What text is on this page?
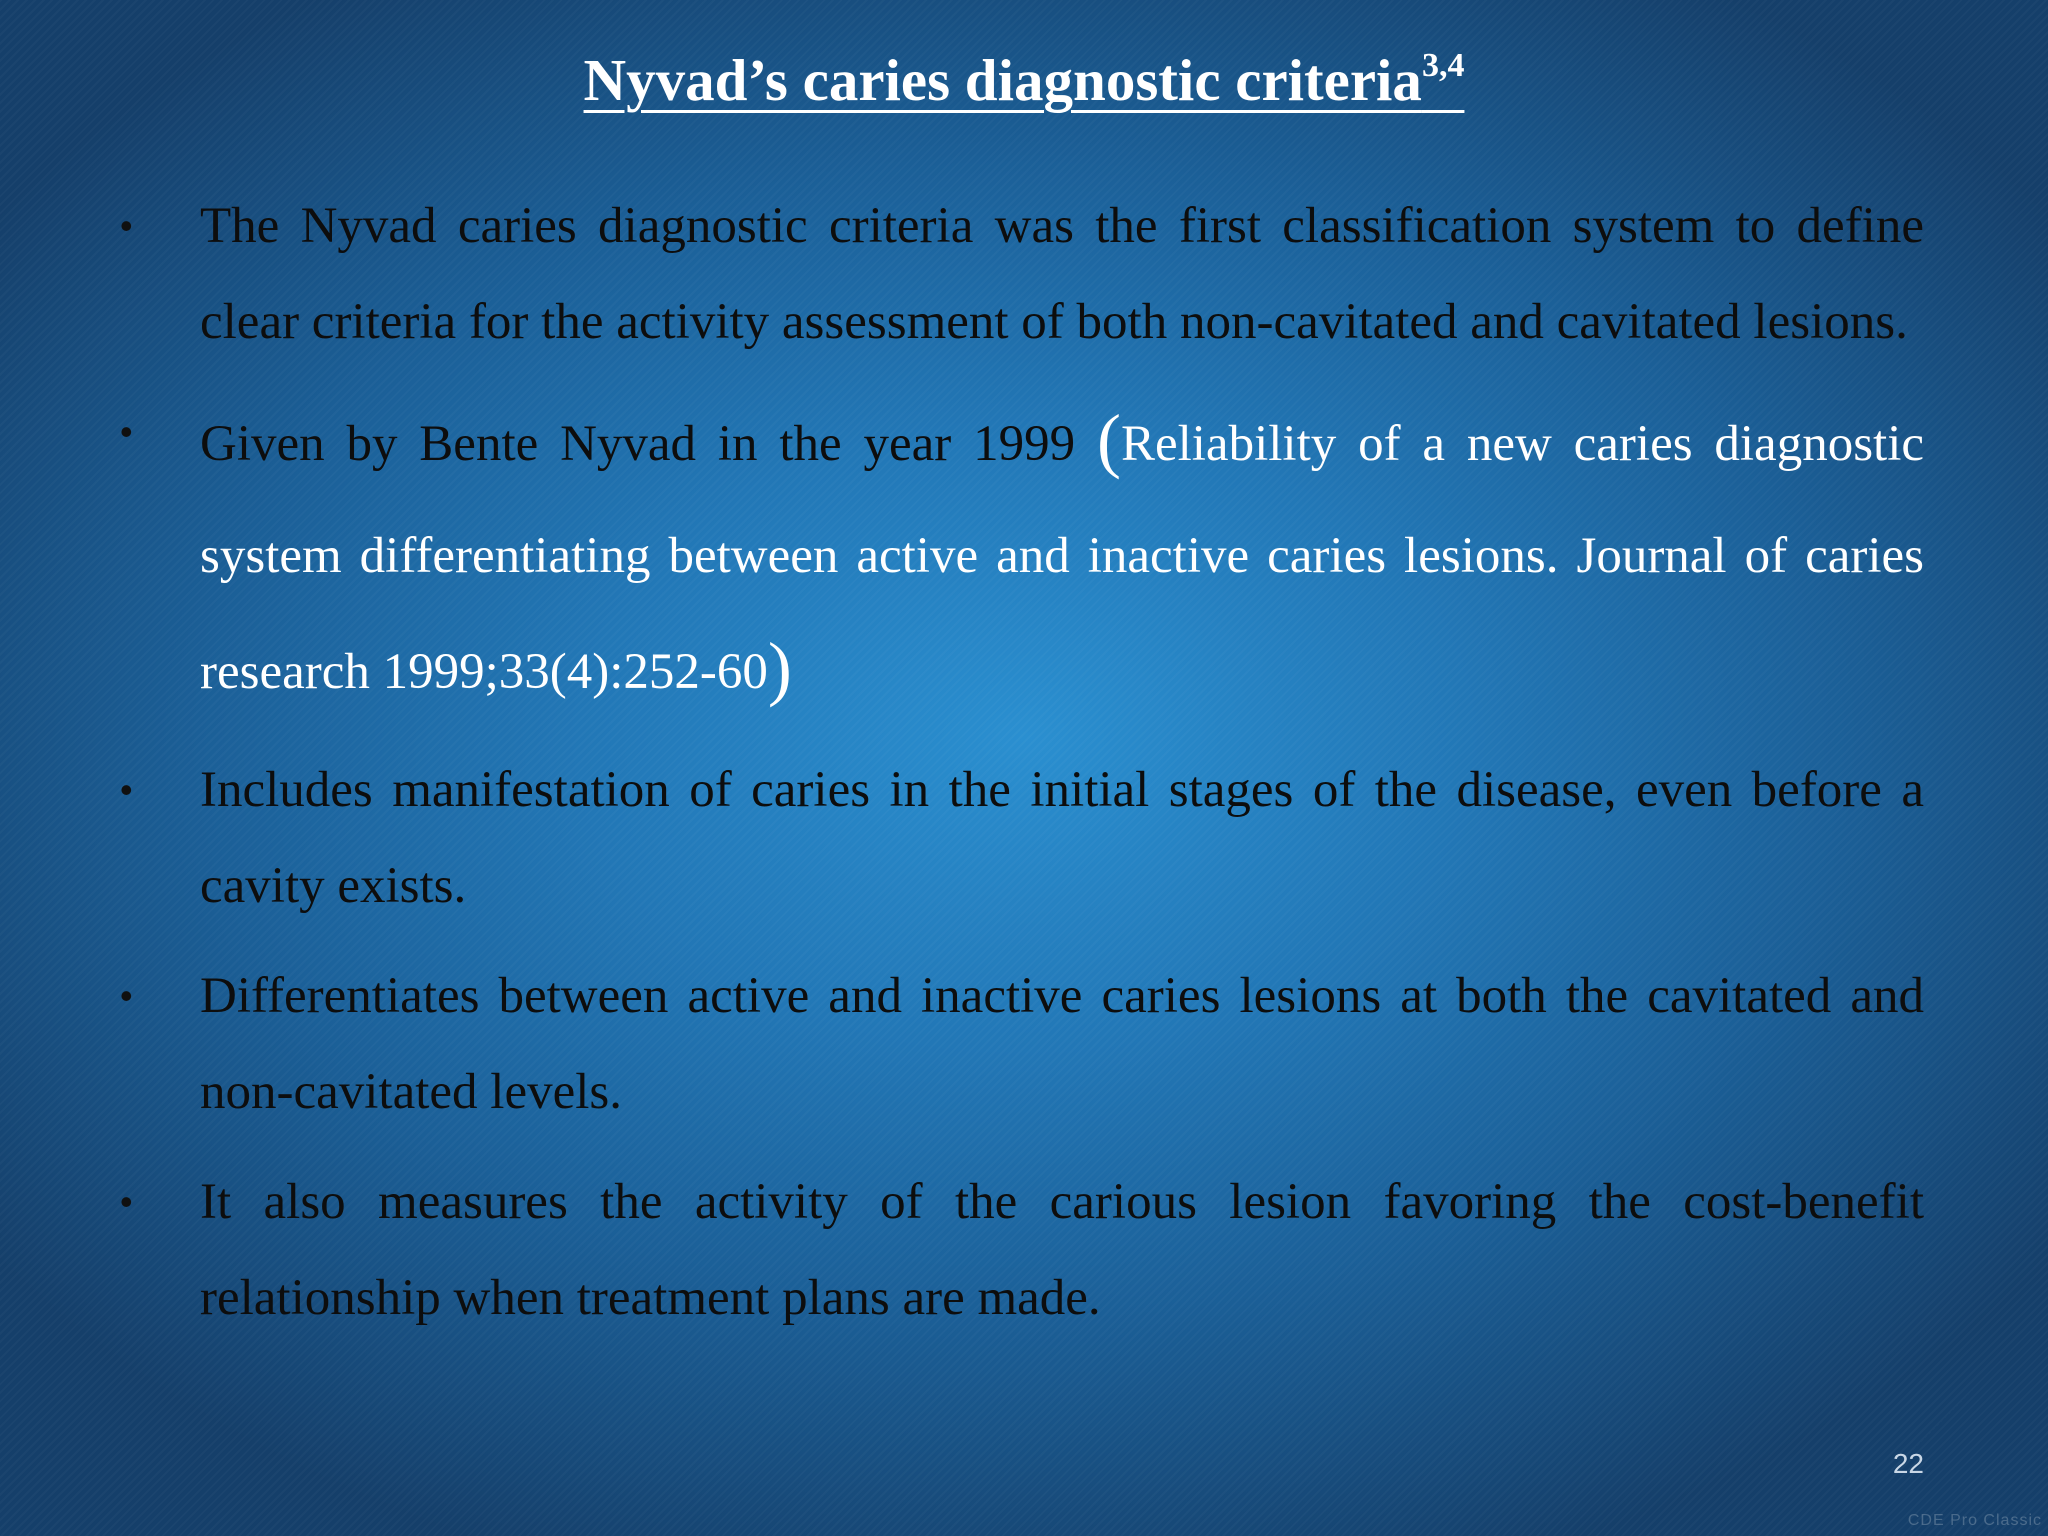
Nyvad’s caries diagnostic criteria$^{3,4}$
•	The Nyvad caries diagnostic criteria was the first classification system to define clear criteria for the activity assessment of both non-cavitated and cavitated lesions.
•	Given by Bente Nyvad in the year 1999 (Reliability of a new caries diagnostic system differentiating between active and inactive caries lesions. Journal of caries research 1999;33(4):252-60)
•	Includes manifestation of caries in the initial stages of the disease, even before a cavity exists.
•	Differentiates between active and inactive caries lesions at both the cavitated and non-cavitated levels.
•	It also measures the activity of the carious lesion favoring the cost-benefit relationship when treatment plans are made.
22
CDE Pro Classic
